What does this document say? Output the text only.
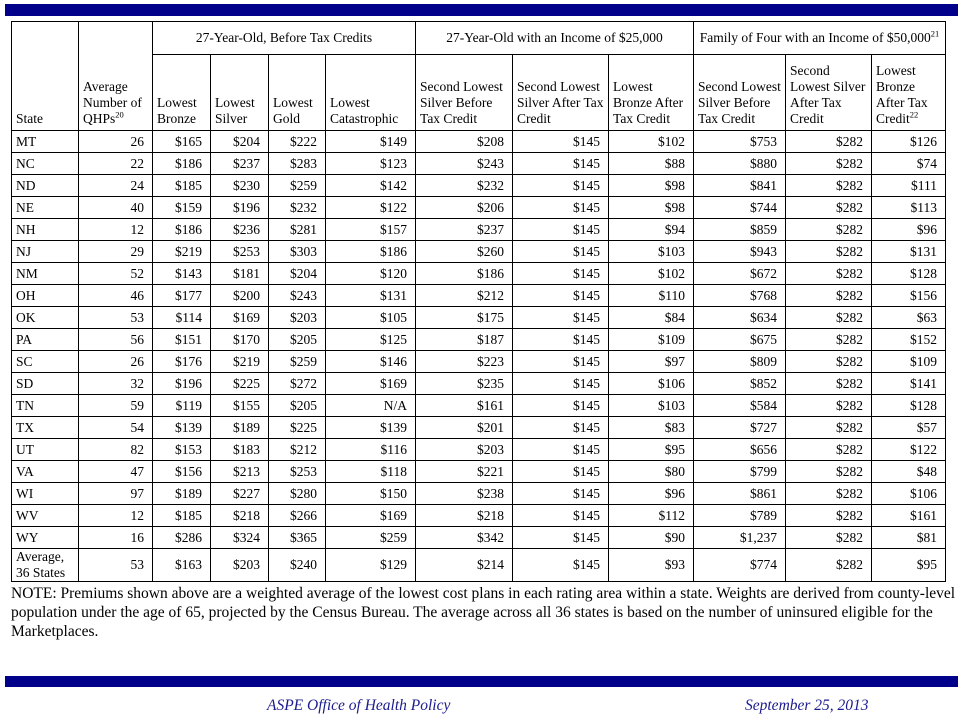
State	Average Number of QHPs$^{20}$	27-Year-Old, Before Tax Credits				27-Year-Old with an Income of $25,000			Family of Four with an Income of $50,000$^{21}$
		Lowest Bronze	Lowest Silver	Lowest Gold	Lowest Catastrophic	Second Lowest Silver Before Tax Credit	Second Lowest Silver After Tax Credit	Lowest Bronze After Tax Credit	Second Lowest Silver Before Tax Credit	Second Lowest Silver After Tax Credit	Lowest Bronze After Tax Credit$^{22}$
MT	26	$165	$204	$222	$149	$208	$145	$102	$753	$282	$126
NC	22	$186	$237	$283	$123	$243	$145	$88	$880	$282	$74
ND	24	$185	$230	$259	$142	$232	$145	$98	$841	$282	$111
NE	40	$159	$196	$232	$122	$206	$145	$98	$744	$282	$113
NH	12	$186	$236	$281	$157	$237	$145	$94	$859	$282	$96
NJ	29	$219	$253	$303	$186	$260	$145	$103	$943	$282	$131
NM	52	$143	$181	$204	$120	$186	$145	$102	$672	$282	$128
OH	46	$177	$200	$243	$131	$212	$145	$110	$768	$282	$156
OK	53	$114	$169	$203	$105	$175	$145	$84	$634	$282	$63
PA	56	$151	$170	$205	$125	$187	$145	$109	$675	$282	$152
SC	26	$176	$219	$259	$146	$223	$145	$97	$809	$282	$109
SD	32	$196	$225	$272	$169	$235	$145	$106	$852	$282	$141
TN	59	$119	$155	$205	N/A	$161	$145	$103	$584	$282	$128
TX	54	$139	$189	$225	$139	$201	$145	$83	$727	$282	$57
UT	82	$153	$183	$212	$116	$203	$145	$95	$656	$282	$122
VA	47	$156	$213	$253	$118	$221	$145	$80	$799	$282	$48
WI	97	$189	$227	$280	$150	$238	$145	$96	$861	$282	$106
WV	12	$185	$218	$266	$169	$218	$145	$112	$789	$282	$161
WY	16	$286	$324	$365	$259	$342	$145	$90	$1,237	$282	$81
Average, 36 States	53	$163	$203	$240	$129	$214	$145	$93	$774	$282	$95

NOTE: Premiums shown above are a weighted average of the lowest cost plans in each rating area within a state. Weights are derived from county-level population under the age of 65, projected by the Census Bureau. The average across all 36 states is based on the number of uninsured eligible for the Marketplaces.

ASPE Office of Health Policy	September 25, 2013
